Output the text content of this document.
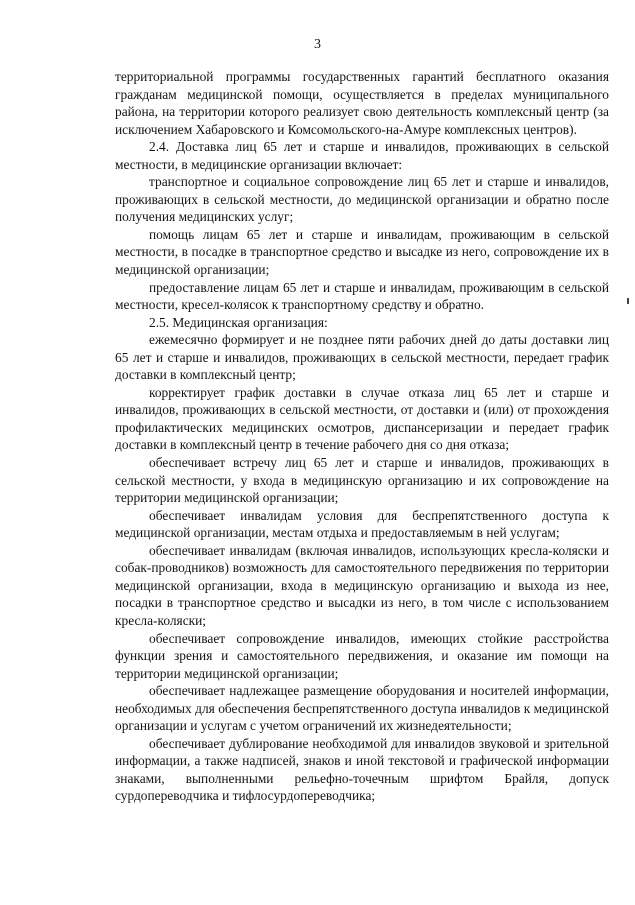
3

территориальной программы государственных гарантий бесплатного оказания гражданам медицинской помощи, осуществляется в пределах муниципального района, на территории которого реализует свою деятельность комплексный центр (за исключением Хабаровского и Комсомольского-на-Амуре комплексных центров).

2.4. Доставка лиц 65 лет и старше и инвалидов, проживающих в сельской местности, в медицинские организации включает:

транспортное и социальное сопровождение лиц 65 лет и старше и инвалидов, проживающих в сельской местности, до медицинской организации и обратно после получения медицинских услуг;

помощь лицам 65 лет и старше и инвалидам, проживающим в сельской местности, в посадке в транспортное средство и высадке из него, сопровождение их в медицинской организации;

предоставление лицам 65 лет и старше и инвалидам, проживающим в сельской местности, кресел-колясок к транспортному средству и обратно.

2.5. Медицинская организация:

ежемесячно формирует и не позднее пяти рабочих дней до даты доставки лиц 65 лет и старше и инвалидов, проживающих в сельской местности, передает график доставки в комплексный центр;

корректирует график доставки в случае отказа лиц 65 лет и старше и инвалидов, проживающих в сельской местности, от доставки и (или) от прохождения профилактических медицинских осмотров, диспансеризации и передает график доставки в комплексный центр в течение рабочего дня со дня отказа;

обеспечивает встречу лиц 65 лет и старше и инвалидов, проживающих в сельской местности, у входа в медицинскую организацию и их сопровождение на территории медицинской организации;

обеспечивает инвалидам условия для беспрепятственного доступа к медицинской организации, местам отдыха и предоставляемым в ней услугам;

обеспечивает инвалидам (включая инвалидов, использующих кресла-коляски и собак-проводников) возможность для самостоятельного передвижения по территории медицинской организации, входа в медицинскую организацию и выхода из нее, посадки в транспортное средство и высадки из него, в том числе с использованием кресла-коляски;

обеспечивает сопровождение инвалидов, имеющих стойкие расстройства функции зрения и самостоятельного передвижения, и оказание им помощи на территории медицинской организации;

обеспечивает надлежащее размещение оборудования и носителей информации, необходимых для обеспечения беспрепятственного доступа инвалидов к медицинской организации и услугам с учетом ограничений их жизнедеятельности;

обеспечивает дублирование необходимой для инвалидов звуковой и зрительной информации, а также надписей, знаков и иной текстовой и графической информации знаками, выполненными рельефно-точечным шрифтом Брайля, допуск сурдопереводчика и тифлосурдопереводчика;
